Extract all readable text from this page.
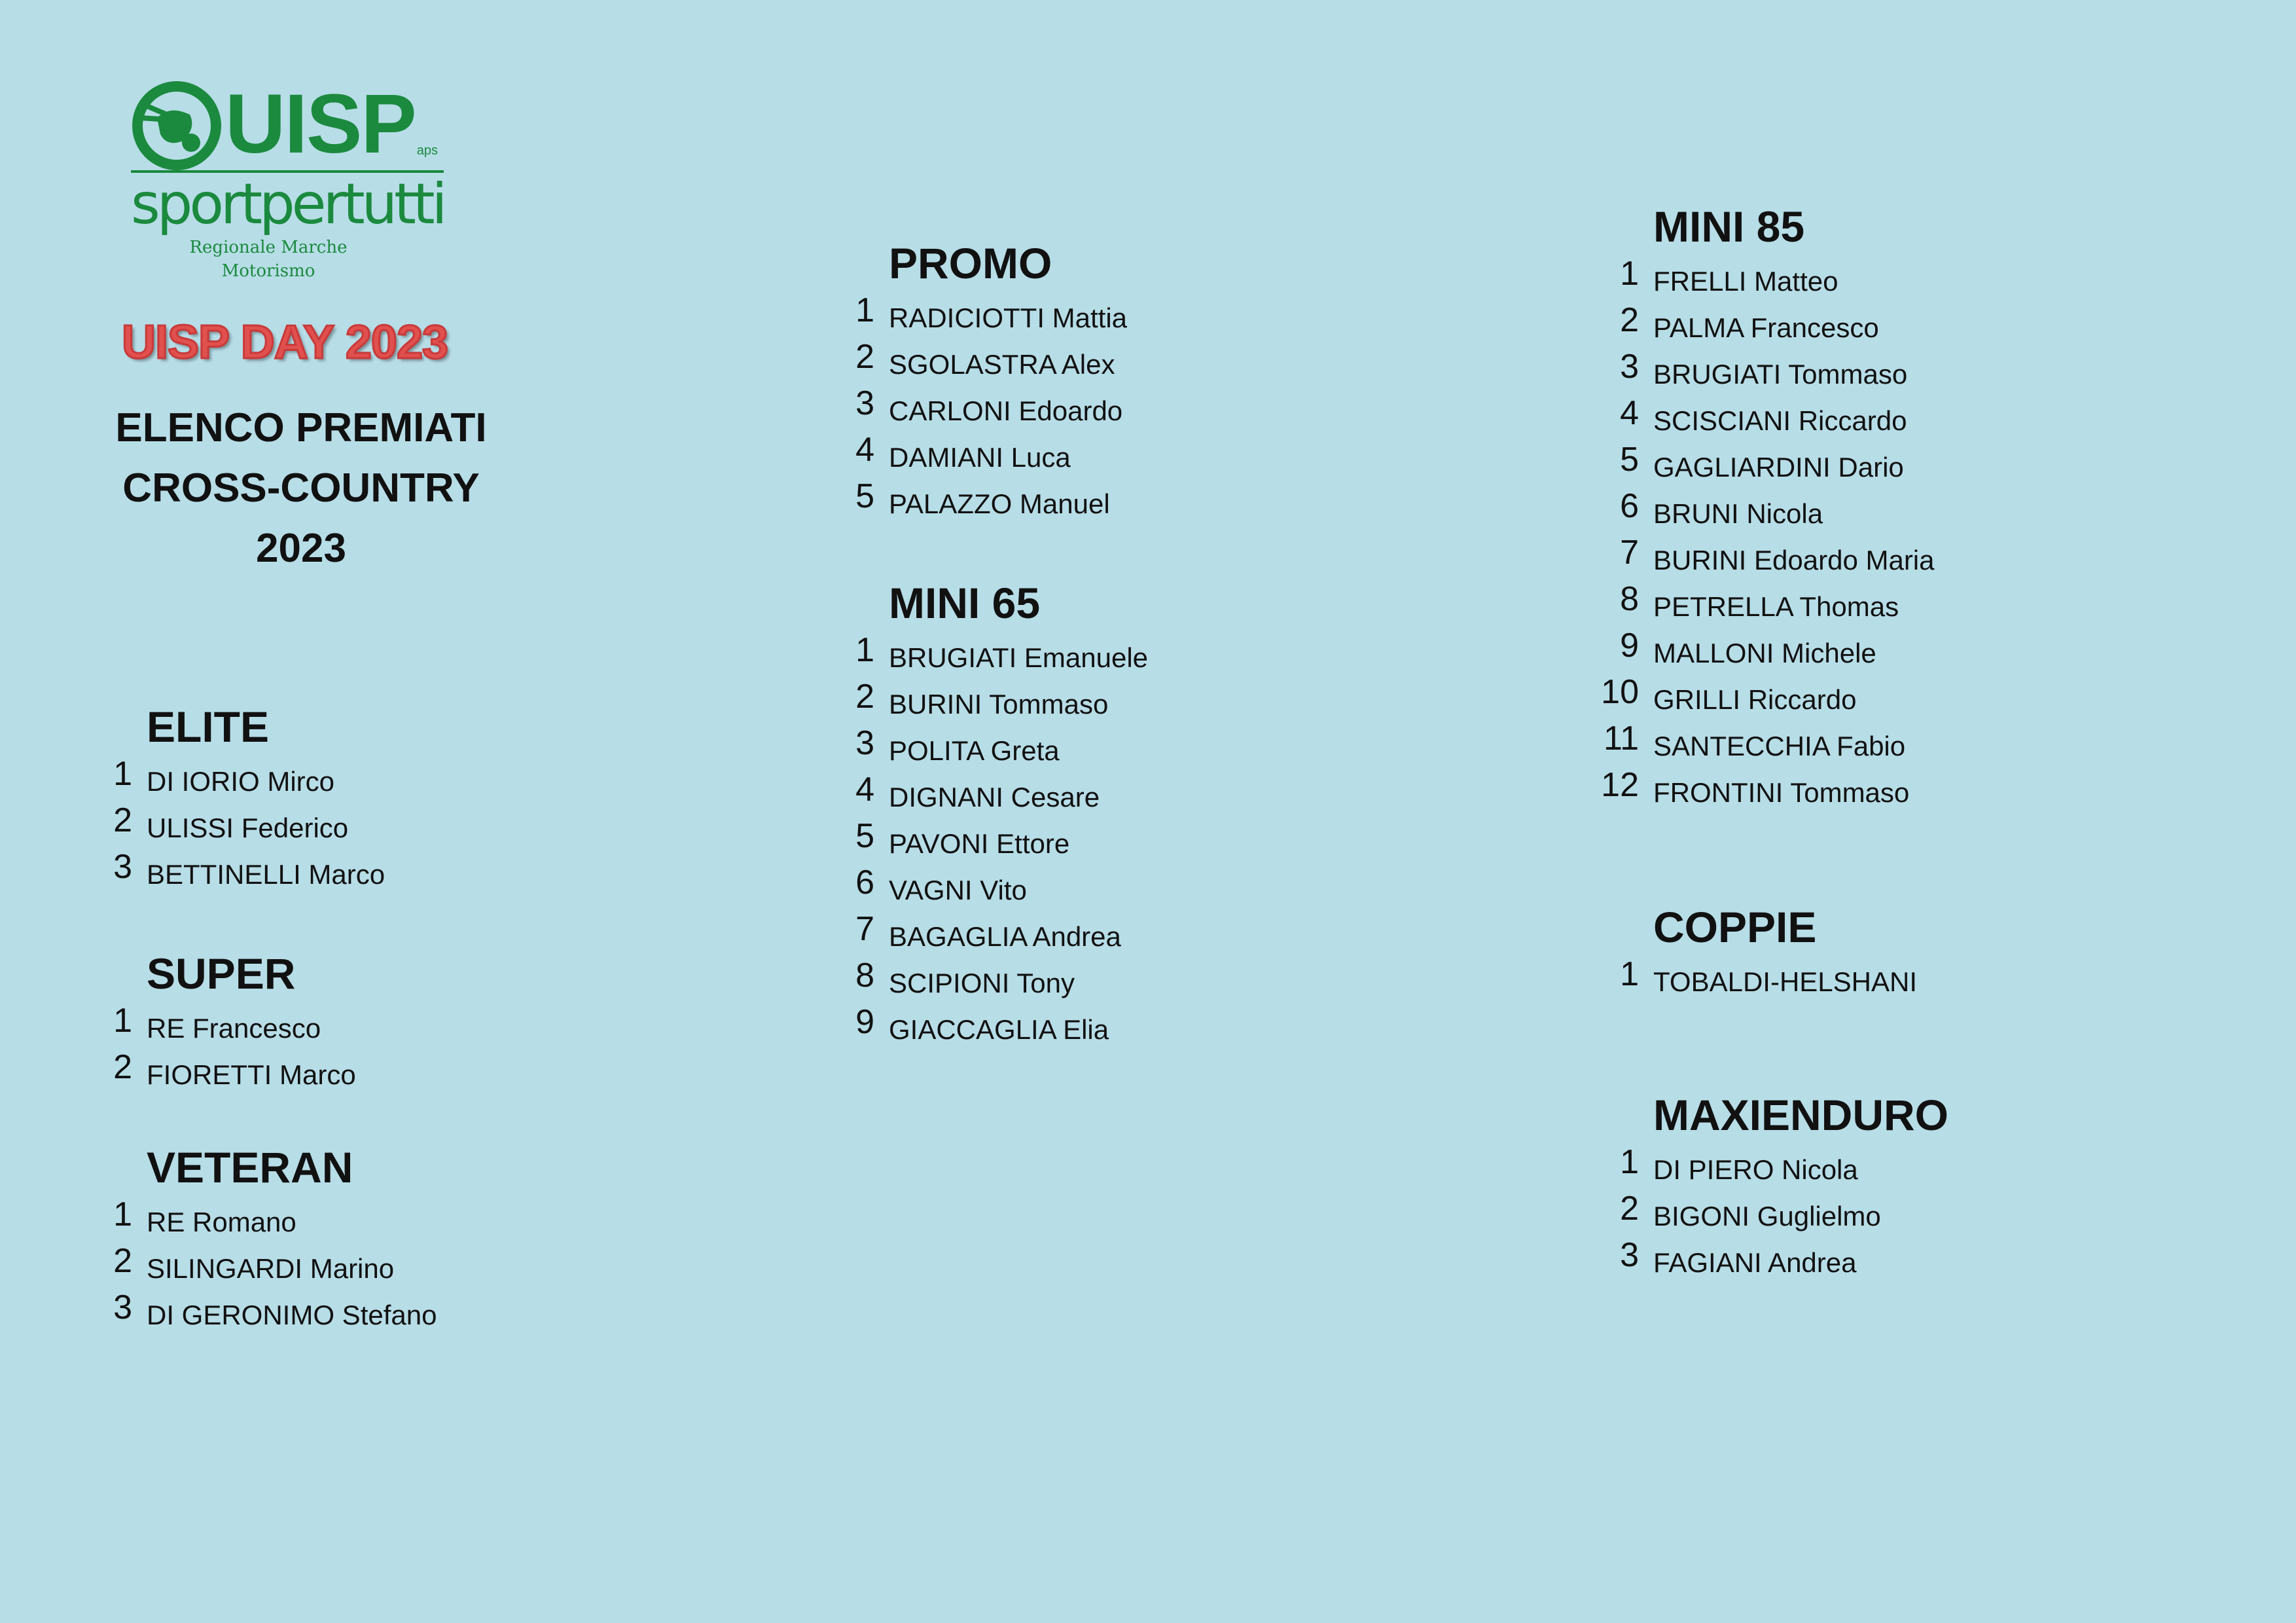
UISP UISP aps
sportpertutti
Regionale Marche
Motorismo
UISP DAY 2023
ELENCO PREMIATI
CROSS-COUNTRY
2023
ELITE
1 DI IORIO Mirco
2 ULISSI Federico
3 BETTINELLI Marco
SUPER
1 RE Francesco
2 FIORETTI Marco
VETERAN
1 RE Romano
2 SILINGARDI Marino
3 DI GERONIMO Stefano
PROMO
1 RADICIOTTI Mattia
2 SGOLASTRA Alex
3 CARLONI Edoardo
4 DAMIANI Luca
5 PALAZZO Manuel
MINI 65
1 BRUGIATI Emanuele
2 BURINI Tommaso
3 POLITA Greta
4 DIGNANI Cesare
5 PAVONI Ettore
6 VAGNI Vito
7 BAGAGLIA Andrea
8 SCIPIONI Tony
9 GIACCAGLIA Elia
MINI 85
1 FRELLI Matteo
2 PALMA Francesco
3 BRUGIATI Tommaso
4 SCISCIANI Riccardo
5 GAGLIARDINI Dario
6 BRUNI Nicola
7 BURINI Edoardo Maria
8 PETRELLA Thomas
9 MALLONI Michele
10 GRILLI Riccardo
11 SANTECCHIA Fabio
12 FRONTINI Tommaso
COPPIE
1 TOBALDI-HELSHANI
MAXIENDURO
1 DI PIERO Nicola
2 BIGONI Guglielmo
3 FAGIANI Andrea
